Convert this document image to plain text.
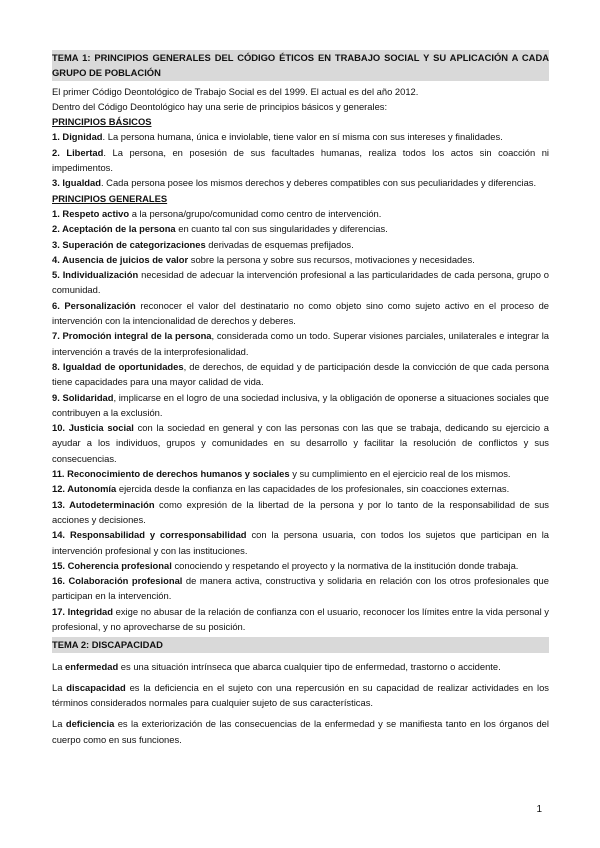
TEMA 1: PRINCIPIOS GENERALES DEL CÓDIGO ÉTICOS EN TRABAJO SOCIAL Y SU APLICACIÓN A CADA GRUPO DE POBLACIÓN

El primer Código Deontológico de Trabajo Social es del 1999. El actual es del año 2012.

Dentro del Código Deontológico hay una serie de principios básicos y generales:

PRINCIPIOS BÁSICOS

1. Dignidad. La persona humana, única e inviolable, tiene valor en sí misma con sus intereses y finalidades.

2. Libertad. La persona, en posesión de sus facultades humanas, realiza todos los actos sin coacción ni impedimentos.

3. Igualdad. Cada persona posee los mismos derechos y deberes compatibles con sus peculiaridades y diferencias.

PRINCIPIOS GENERALES

1. Respeto activo a la persona/grupo/comunidad como centro de intervención.

2. Aceptación de la persona en cuanto tal con sus singularidades y diferencias.

3. Superación de categorizaciones derivadas de esquemas prefijados.

4. Ausencia de juicios de valor sobre la persona y sobre sus recursos, motivaciones y necesidades.

5. Individualización necesidad de adecuar la intervención profesional a las particularidades de cada persona, grupo o comunidad.

6. Personalización reconocer el valor del destinatario no como objeto sino como sujeto activo en el proceso de intervención con la intencionalidad de derechos y deberes.

7. Promoción integral de la persona, considerada como un todo. Superar visiones parciales, unilaterales e integrar la intervención a través de la interprofesionalidad.

8. Igualdad de oportunidades, de derechos, de equidad y de participación desde la convicción de que cada persona tiene capacidades para una mayor calidad de vida.

9. Solidaridad, implicarse en el logro de una sociedad inclusiva, y la obligación de oponerse a situaciones sociales que contribuyen a la exclusión.

10. Justicia social con la sociedad en general y con las personas con las que se trabaja, dedicando su ejercicio a ayudar a los individuos, grupos y comunidades en su desarrollo y facilitar la resolución de conflictos y sus consecuencias.

11. Reconocimiento de derechos humanos y sociales y su cumplimiento en el ejercicio real de los mismos.

12. Autonomía ejercida desde la confianza en las capacidades de los profesionales, sin coacciones externas.

13. Autodeterminación como expresión de la libertad de la persona y por lo tanto de la responsabilidad de sus acciones y decisiones.

14. Responsabilidad y corresponsabilidad con la persona usuaria, con todos los sujetos que participan en la intervención profesional y con las instituciones.

15. Coherencia profesional conociendo y respetando el proyecto y la normativa de la institución donde trabaja.

16. Colaboración profesional de manera activa, constructiva y solidaria en relación con los otros profesionales que participan en la intervención.

17. Integridad exige no abusar de la relación de confianza con el usuario, reconocer los límites entre la vida personal y profesional, y no aprovecharse de su posición.

TEMA 2: DISCAPACIDAD

La enfermedad es una situación intrínseca que abarca cualquier tipo de enfermedad, trastorno o accidente.

La discapacidad es la deficiencia en el sujeto con una repercusión en su capacidad de realizar actividades en los términos considerados normales para cualquier sujeto de sus características.

La deficiencia es la exteriorización de las consecuencias de la enfermedad y se manifiesta tanto en los órganos del cuerpo como en sus funciones.

1
